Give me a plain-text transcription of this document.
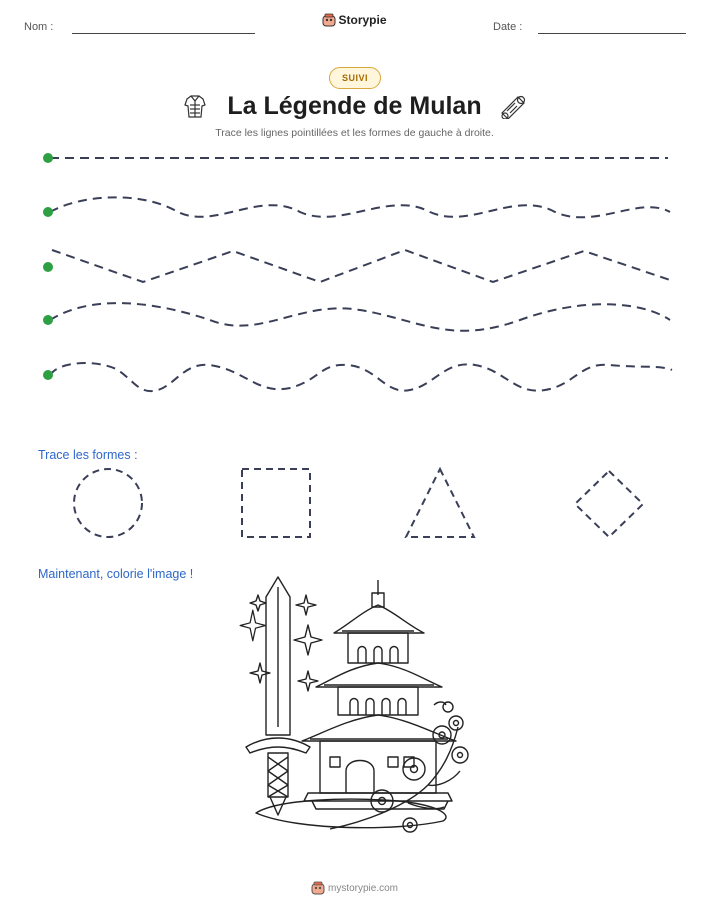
Nom :	Storypie	Date :
SUIVI
La Légende de Mulan
Trace les lignes pointillées et les formes de gauche à droite.
Trace les formes :
Maintenant, colorie l'image !
mystorypie.com
